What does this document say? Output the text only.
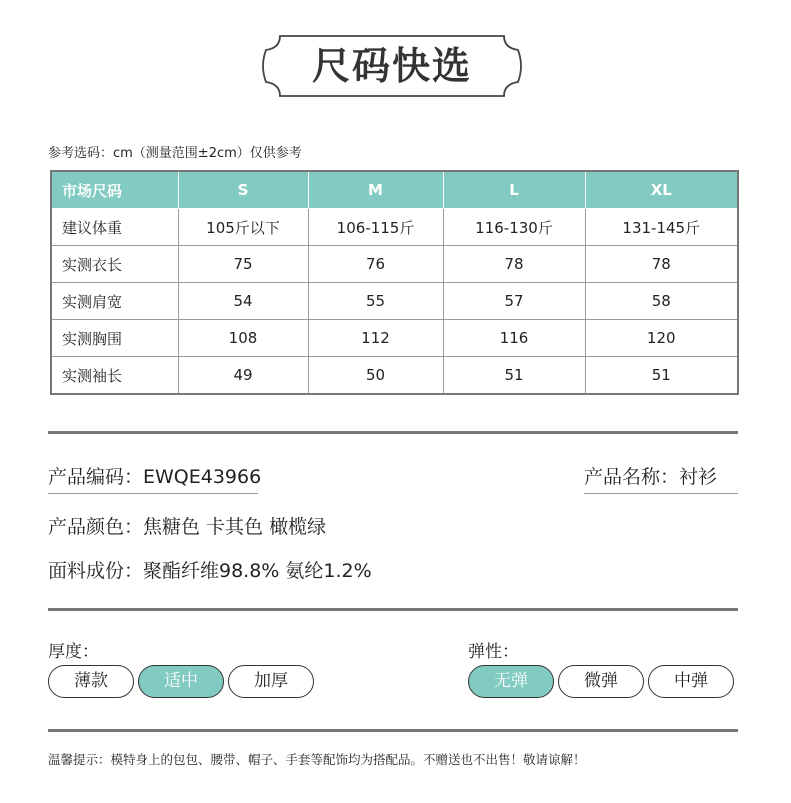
尺码快选
参考选码：cm（测量范围±2cm）仅供参考
市场尺码	S	M	L	XL
建议体重	105斤以下	106-115斤	116-130斤	131-145斤
实测衣长	75	76	78	78
实测肩宽	54	55	57	58
实测胸围	108	112	116	120
实测袖长	49	50	51	51
产品编码：EWQE43966	产品名称：衬衫
产品颜色：焦糖色 卡其色 橄榄绿
面料成份：聚酯纤维98.8% 氨纶1.2%
厚度：
薄款	适中	加厚
弹性：
无弹	微弹	中弹
温馨提示：模特身上的包包、腰带、帽子、手套等配饰均为搭配品。不赠送也不出售！敬请谅解！
